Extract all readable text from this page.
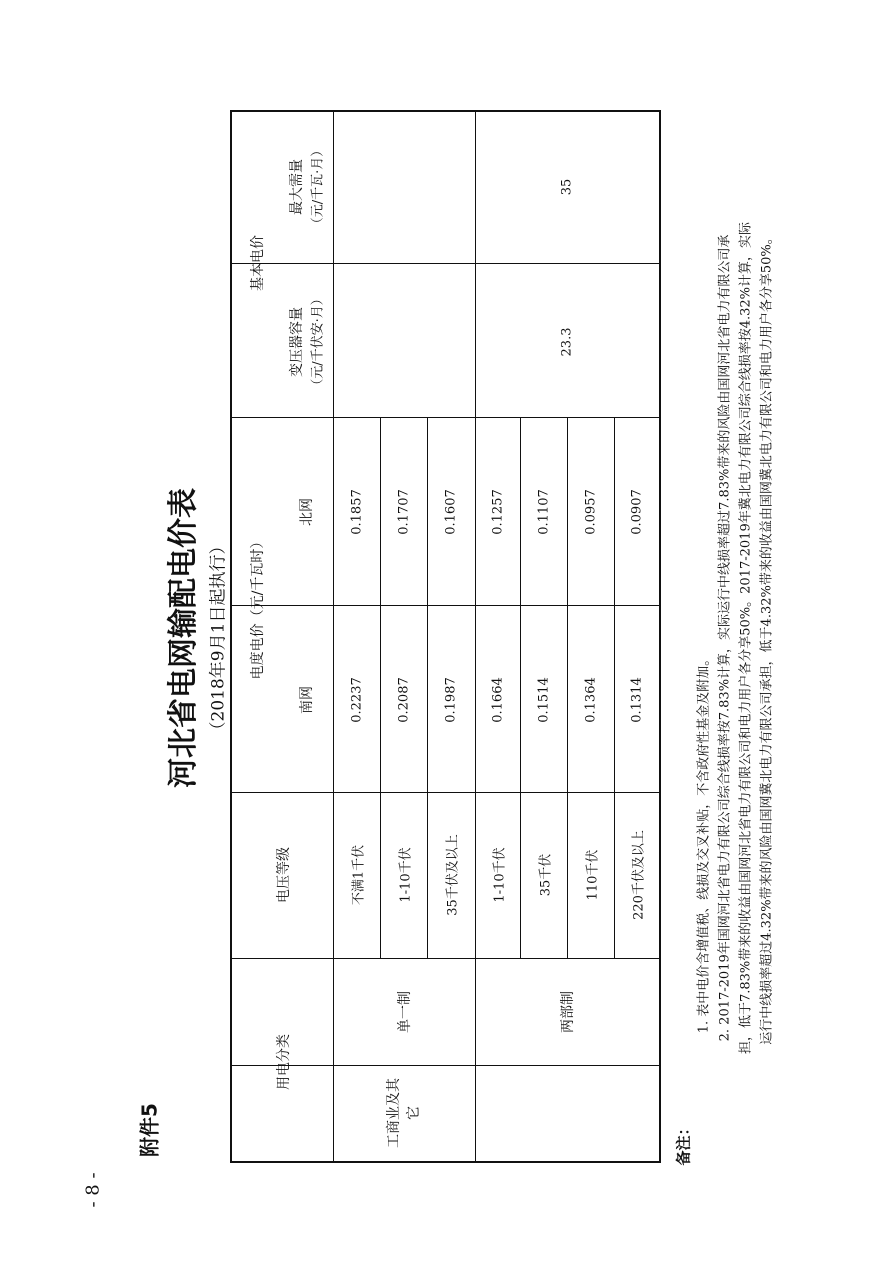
- 8 -
附件5
河北省电网输配电价表 （2018年9月1日起执行）
基本电价
电度电价（元/千瓦时）
电压等级
用电分类
变压器容量 （元/千伏安·月）
最大需量 （元/千瓦·月）
南网
北网
工商业及其它
单一制	两部制
不满1千伏
0.2237
0.1857
1-10千伏
0.2087
0.1707
35千伏及以上
0.1987
0.1607
1-10千伏
0.1664
0.1257
35千伏
0.1514
0.1107
110千伏
0.1364
0.0957
220千伏及以上
0.1314
0.0907
23.3
35
备注：
1. 表中电价含增值税、线损及交叉补贴，不含政府性基金及附加。 2. 2017-2019年国网河北省电力有限公司综合线损率按7.83%计算，实际运行中线损率超过7.83%带来的风险由国网河北省电力有限公司承 担，低于7.83%带来的收益由国网河北省电力有限公司和电力用户各分享50%。2017-2019年冀北电力有限公司综合线损率按4.32%计算，实际 运行中线损率超过4.32%带来的风险由国网冀北电力有限公司承担，低于4.32%带来的收益由国网冀北电力有限公司和电力用户各分享50%。
